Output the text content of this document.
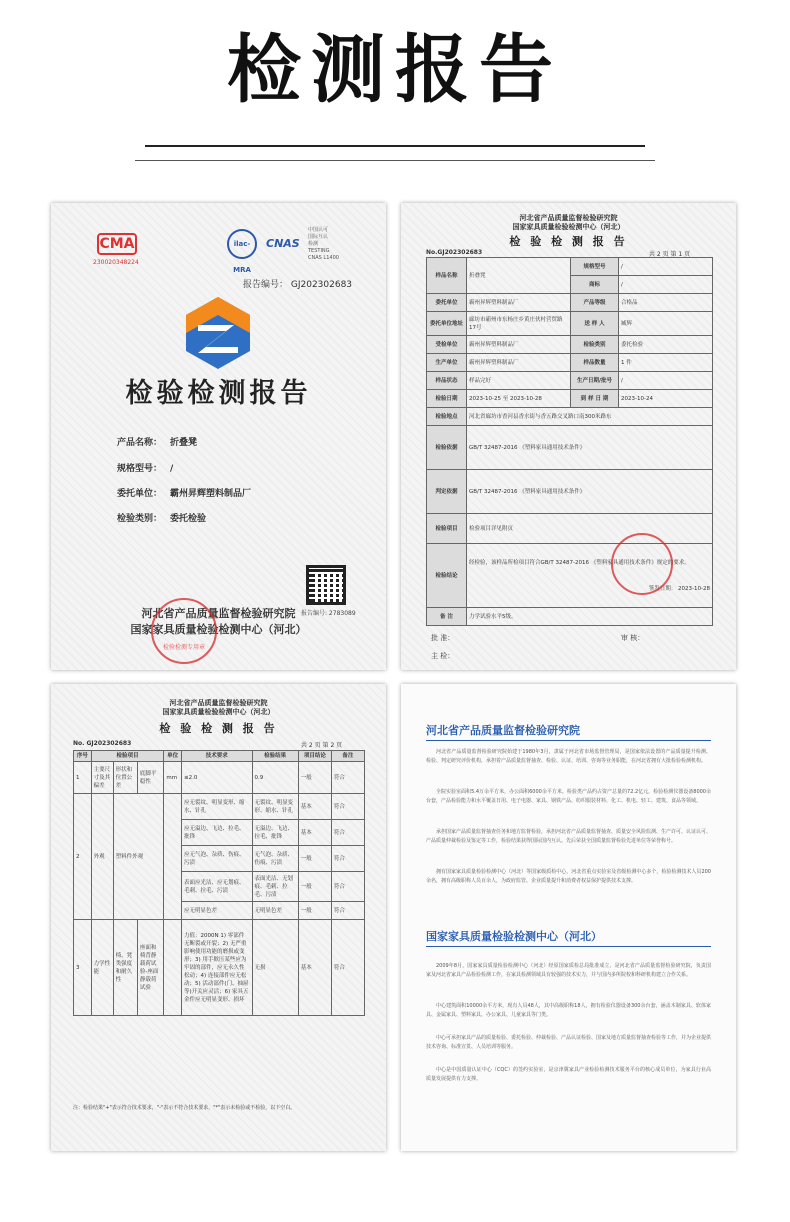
检测报告
CMA
230020348224
ilac-MRA
CNAS
中国认可
国际互认
检测
TESTING
CNAS L1400
报告编号： GJ202302683
检验检测报告
产品名称： 折叠凳
规格型号： /
委托单位： 霸州昇辉塑料制品厂
检验类别： 委托检验
报告编号: 2783089
河北省产品质量监督检验研究院
国家家具质量检验检测中心（河北）
检验检测专用章
河北省产品质量监督检验研究院
国家家具质量检验检测中心（河北）
检 验 检 测 报 告
No.GJ202302683	共 2 页 第 1 页
样品名称	折叠凳	规格型号	/
		商标	/
委托单位	霸州昇辉塑料制品厂	产品等级	合格品
委托单位地址	廊坊市霸州市东杨庄乡黄庄伙村营贸路17号	送 样 人	臧辉
受检单位	霸州昇辉塑料制品厂	检验类别	委托检验
生产单位	霸州昇辉塑料制品厂	样品数量	1 件
样品状态	样品完好	生产日期/批号	/
检验日期	2023-10-25 至 2023-10-28	到 样 日 期	2023-10-24
检验地点	河北省廊坊市香河县香水街与香五路交叉路口南300米路东		
检验依据	GB/T 32487-2016 《塑料家具通用技术条件》		
判定依据	GB/T 32487-2016 《塑料家具通用技术条件》		
检验项目	检验项目详见附页		
检验结论	经检验，该样品所检项目符合GB/T 32487-2016 《塑料家具通用技术条件》规定的要求。
签发日期： 2023-10-28		

备 注	力学试验水平5级。		
批 准：	审 核：
主 检：
河北省产品质量监督检验研究院
国家家具质量检验检测中心（河北）
检 验 检 测 报 告
No. GJ202302683	共 2 页 第 2 页
序号	检验项目			单位	技术要求	检验结果	项目结论	备注
1	主要尺寸及其偏差	形状和位置公差	底脚平稳性	mm	≤2.0	0.9	一般	符合
2	外观	塑料件外观			应无裂纹、明显变形、缩水、针孔	无裂纹、明显变形、缩水、针孔	基本	符合
					应无溢边、飞边、拉毛、批锋	无溢边、飞边、拉毛、批锋	基本	符合
					应无气泡、杂质、伤痕、污渍	无气泡、杂质、伤痕、污渍	一般	符合
					表面应光洁、应无划痕、毛刺、拉毛、污渍	表面光洁、无划痕、毛刺、拉毛、污渍	一般	符合
					应无明显色差	无明显色差	一般	符合
3	力学性能	椅、凳类强度和耐久性	座面和椅背静载荷试验-座面静载荷试验		力值：2000N 1) 零部件无断裂或开裂；2) 无严重影响使用功能的磨损或变形；3) 用手揿压某些应为牢固的部件，应无永久性松动；4) 连接部件应无松动；5) 活动部件(门、抽屉等)开关应灵活；6) 家具五金件应无明显变形、损坏	无损	基本	符合
注：检验结果"+"表示符合技术要求，"-"表示不符合技术要求，"*"表示未检验或不检验，以下空白。
河北省产品质量监督检验研究院
河北省产品质量监督检验研究院始建于1980年3月，隶属于河北省市场监督管理局，是国家依法设置的产品质量提升检测、检验、判定研究评价机构，承担着产品质量监督抽查、检验、认证、培训、咨询等业务职能，在河北省拥有大批检验检测机构。
全院实验室面积5.4万余平方米，办公面积6000余平方米。检验类产品约占资产总量的72.2亿元，检验检测仪器设备8000余台套，产品检验能力和水平覆盖日用、电子电器、家具、钢铁产品、纺织服装材料、化工、机电、轻工、建筑、食品等领域。
承担国家产品质量监督抽查任务和地方监督检验，承担河北省产品质量监督抽查、质量安全风险监测、生产许可、认证认可、产品质量仲裁检验及鉴定等工作，检验结果获得国际国内互认。先后荣获全国质量监督检验先进单位等荣誉称号。
拥有国家家具质量检验检测中心（河北）等国家级质检中心，河北省重点实验室及省级检测中心多个，检验检测技术人员200余名，拥有高级职称人员百余人，为政府监管、企业质量提升和消费者权益保护提供技术支撑。
国家家具质量检验检测中心（河北）
2009年8月，国家家具质量检验检测中心（河北）经原国家质检总局批准成立，是河北省产品质量监督检验研究院，负责国家及河北省家具产品检验检测工作，在家具检测领域具有较强的技术实力，并与国内多所院校和科研机构建立合作关系。
中心建筑面积10000余平方米，现有人员48人，其中高级职称18人，拥有检验仪器设备300余台套，涵盖木制家具、软体家具、金属家具、塑料家具、办公家具、儿童家具等门类。
中心可承担家具产品的质量检验、委托检验、仲裁检验、产品认证检验、国家及地方质量监督抽查检验等工作，并为企业提供技术咨询、标准宣贯、人员培训等服务。
中心是中国质量认证中心（CQC）的签约实验室，是京津冀家具产业检验检测技术服务平台的核心成员单位，为家具行业高质量发展提供有力支撑。
